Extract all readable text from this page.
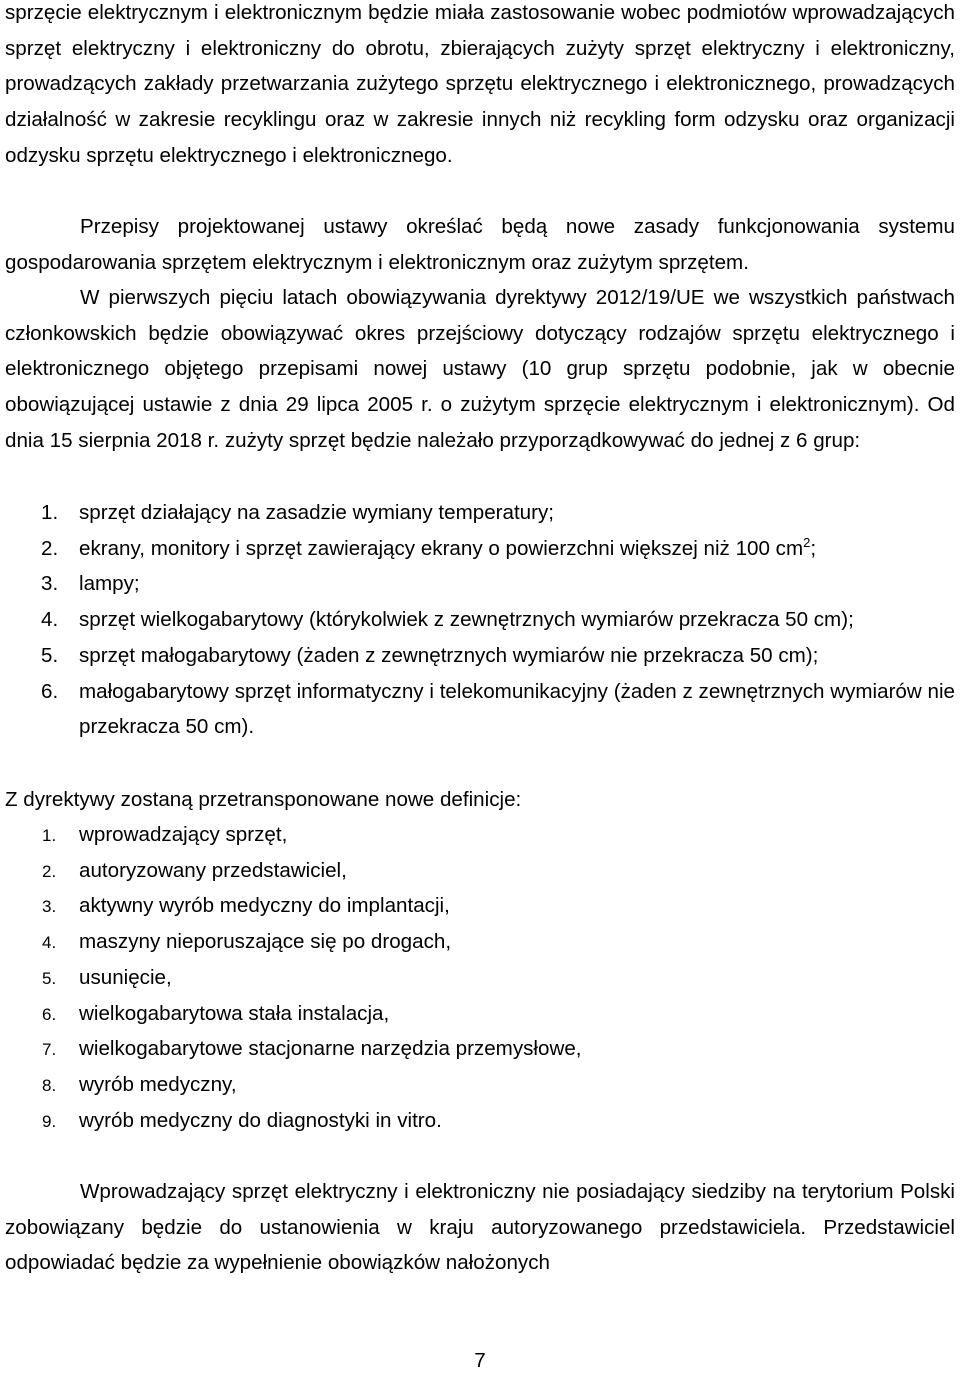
sprzęcie elektrycznym i elektronicznym będzie miała zastosowanie wobec podmiotów wprowadzających sprzęt elektryczny i elektroniczny do obrotu, zbierających zużyty sprzęt elektryczny i elektroniczny, prowadzących zakłady przetwarzania zużytego sprzętu elektrycznego i elektronicznego, prowadzących działalność w zakresie recyklingu oraz w zakresie innych niż recykling form odzysku oraz organizacji odzysku sprzętu elektrycznego i elektronicznego.

Przepisy projektowanej ustawy określać będą nowe zasady funkcjonowania systemu gospodarowania sprzętem elektrycznym i elektronicznym oraz zużytym sprzętem.

W pierwszych pięciu latach obowiązywania dyrektywy 2012/19/UE we wszystkich państwach członkowskich będzie obowiązywać okres przejściowy dotyczący rodzajów sprzętu elektrycznego i elektronicznego objętego przepisami nowej ustawy (10 grup sprzętu podobnie, jak w obecnie obowiązującej ustawie z dnia 29 lipca 2005 r. o zużytym sprzęcie elektrycznym i elektronicznym). Od dnia 15 sierpnia 2018 r. zużyty sprzęt będzie należało przyporządkowywać do jednej z 6 grup:

1. sprzęt działający na zasadzie wymiany temperatury;
2. ekrany, monitory i sprzęt zawierający ekrany o powierzchni większej niż 100 $cm^2$;
3. lampy;
4. sprzęt wielkogabarytowy (którykolwiek z zewnętrznych wymiarów przekracza 50 cm);
5. sprzęt małogabarytowy (żaden z zewnętrznych wymiarów nie przekracza 50 cm);
6. małogabarytowy sprzęt informatyczny i telekomunikacyjny (żaden z zewnętrznych wymiarów nie przekracza 50 cm).

Z dyrektywy zostaną przetransponowane nowe definicje:

1. wprowadzający sprzęt,
2. autoryzowany przedstawiciel,
3. aktywny wyrób medyczny do implantacji,
4. maszyny nieporuszające się po drogach,
5. usunięcie,
6. wielkogabarytowa stała instalacja,
7. wielkogabarytowe stacjonarne narzędzia przemysłowe,
8. wyrób medyczny,
9. wyrób medyczny do diagnostyki in vitro.

Wprowadzający sprzęt elektryczny i elektroniczny nie posiadający siedziby na terytorium Polski zobowiązany będzie do ustanowienia w kraju autoryzowanego przedstawiciela. Przedstawiciel odpowiadać będzie za wypełnienie obowiązków nałożonych

7
